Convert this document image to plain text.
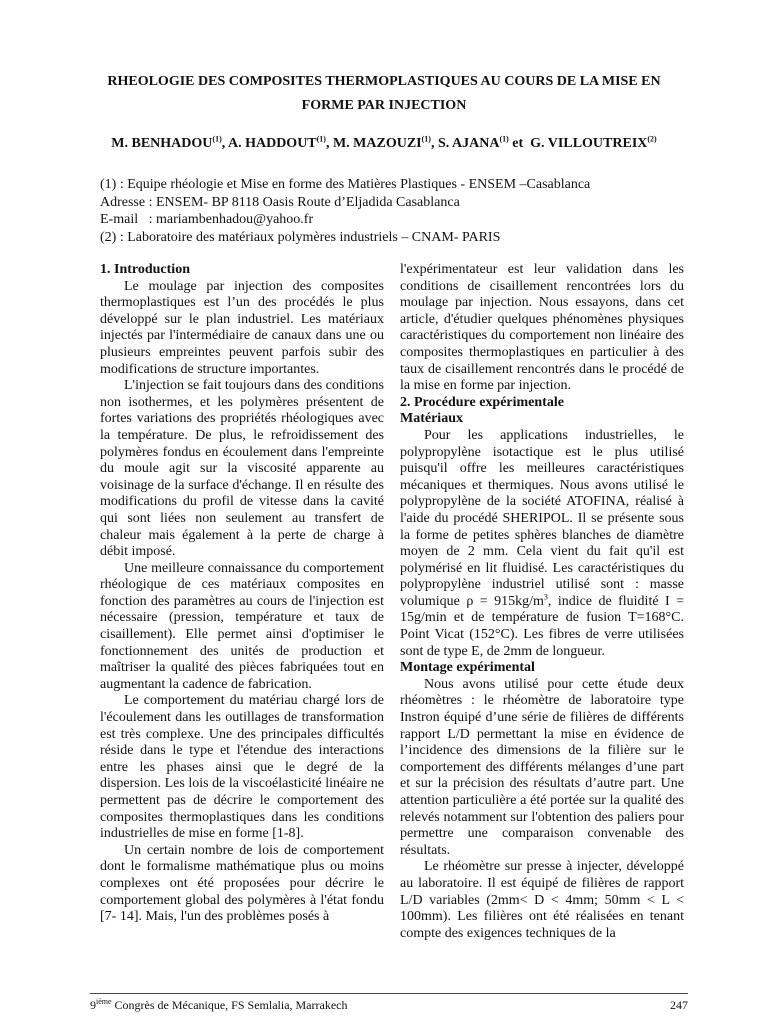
RHEOLOGIE DES COMPOSITES THERMOPLASTIQUES AU COURS DE LA MISE EN FORME PAR INJECTION
M. BENHADOU$^{(1)}$, A. HADDOUT$^{(1)}$, M. MAZOUZI$^{(1)}$, S. AJANA$^{(1)}$ et  G. VILLOUTREIX$^{(2)}$
(1) : Equipe rhéologie et Mise en forme des Matières Plastiques - ENSEM –Casablanca
Adresse : ENSEM- BP 8118 Oasis Route d’Eljadida Casablanca
E-mail   : mariambenhadou@yahoo.fr
(2) : Laboratoire des matériaux polymères industriels – CNAM- PARIS
1. Introduction

Le moulage par injection des composites thermoplastiques est l’un des procédés le plus développé sur le plan industriel. Les matériaux injectés par l'intermédiaire de canaux dans une ou plusieurs empreintes peuvent parfois subir des modifications de structure importantes.

L'injection se fait toujours dans des conditions non isothermes, et les polymères présentent de fortes variations des propriétés rhéologiques avec la température. De plus, le refroidissement des polymères fondus en écoulement dans l'empreinte du moule agit sur la viscosité apparente au voisinage de la surface d'échange. Il en résulte des modifications du profil de vitesse dans la cavité qui sont liées non seulement au transfert de chaleur mais également à la perte de charge à débit imposé.

Une meilleure connaissance du comportement rhéologique de ces matériaux composites en fonction des paramètres au cours de l'injection est nécessaire (pression, température et taux de cisaillement). Elle permet ainsi d'optimiser le fonctionnement des unités de production et maîtriser la qualité des pièces fabriquées tout en augmentant la cadence de fabrication.

Le comportement du matériau chargé lors de l'écoulement dans les outillages de transformation est très complexe. Une des principales difficultés réside dans le type et l'étendue des interactions entre les phases ainsi que le degré de la dispersion. Les lois de la viscoélasticité linéaire ne permettent pas de décrire le comportement des composites thermoplastiques dans les conditions industrielles de mise en forme [1-8].

Un certain nombre de lois de comportement dont le formalisme mathématique plus ou moins complexes ont été proposées pour décrire le comportement global des polymères à l'état fondu [7- 14]. Mais, l'un des problèmes posés à

l'expérimentateur est leur validation dans les conditions de cisaillement rencontrées lors du moulage par injection. Nous essayons, dans cet article, d'étudier quelques phénomènes physiques caractéristiques du comportement non linéaire des composites thermoplastiques en particulier à des taux de cisaillement rencontrés dans le procédé de la mise en forme par injection.

2. Procédure expérimentale
Matériaux

Pour les applications industrielles, le polypropylène isotactique est le plus utilisé puisqu'il offre les meilleures caractéristiques mécaniques et thermiques. Nous avons utilisé le polypropylène de la société ATOFINA, réalisé à l'aide du procédé SHERIPOL. Il se présente sous la forme de petites sphères blanches de diamètre moyen de 2 mm. Cela vient du fait qu'il est polymérisé en lit fluidisé. Les caractéristiques du polypropylène industriel utilisé sont : masse volumique $\rho = 915kg/m^3$, indice de fluidité I = 15g/min et de température de fusion T=168°C. Point Vicat (152°C). Les fibres de verre utilisées sont de type E, de 2mm de longueur.

Montage expérimental

Nous avons utilisé pour cette étude deux rhéomètres : le rhéomètre de laboratoire type Instron équipé d’une série de filières de différents rapport L/D permettant la mise en évidence de l’incidence des dimensions de la filière sur le comportement des différents mélanges d’une part et sur la précision des résultats d’autre part. Une attention particulière a été portée sur la qualité des relevés notamment sur l'obtention des paliers pour permettre une comparaison convenable des résultats.

Le rhéomètre sur presse à injecter, développé au laboratoire. Il est équipé de filières de rapport L/D variables (2mm< D < 4mm; 50mm < L < 100mm). Les filières ont été réalisées en tenant compte des exigences techniques de la

9ième Congrès de Mécanique, FS Semlalia, Marrakech	247
